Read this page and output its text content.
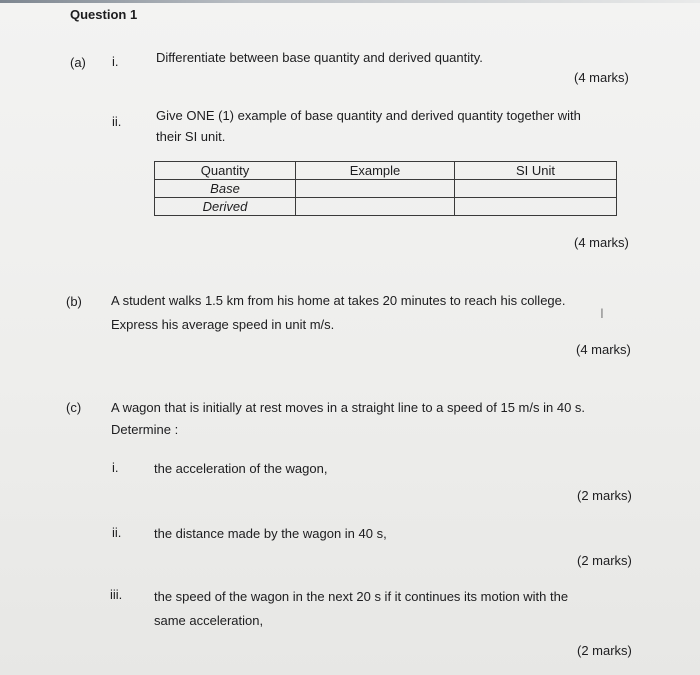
Question 1
(a) i.	Differentiate between base quantity and derived quantity.
(4 marks)
ii.	Give ONE (1) example of base quantity and derived quantity together with
their SI unit.
Quantity	Example	SI Unit
Base		
Derived		
(4 marks)
(b) A student walks 1.5 km from his home at takes 20 minutes to reach his college.
Express his average speed in unit m/s.
I
(4 marks)
(c) A wagon that is initially at rest moves in a straight line to a speed of 15 m/s in 40 s.
Determine :
i.	the acceleration of the wagon,
(2 marks)
ii.	the distance made by the wagon in 40 s,
(2 marks)
iii. the speed of the wagon in the next 20 s if it continues its motion with the
same acceleration,
(2 marks)
